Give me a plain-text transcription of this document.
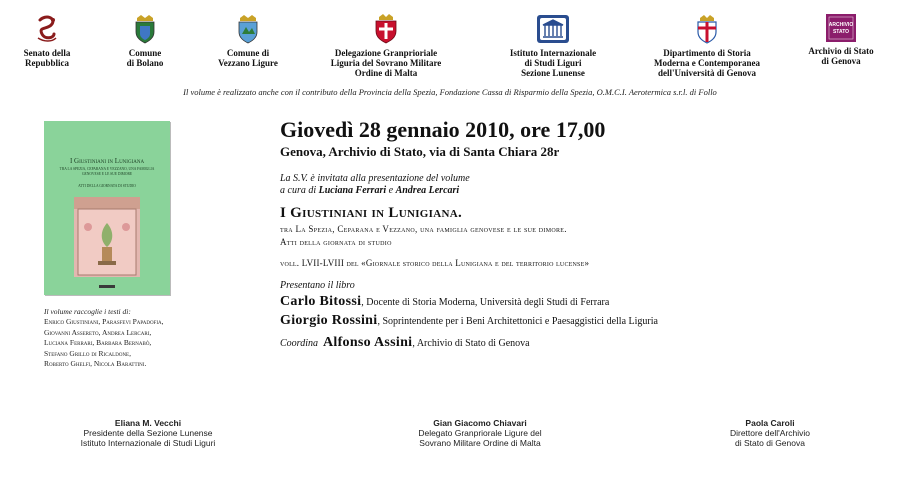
Senato della
Repubblica
Comune
di Bolano
Comune di
Vezzano Ligure
Delegazione Granprioriale
Liguria del Sovrano Militare
Ordine di Malta
Istituto Internazionale
di Studi Liguri
Sezione Lunense
Dipartimento di Storia
Moderna e Contemporanea
dell'Università di Genova
ARCHIVIO
STATO
Archivio di Stato
di Genova
Il volume è realizzato anche con il contributo della Provincia della Spezia, Fondazione Cassa di Risparmio della Spezia, O.M.C.I. Aerotermica s.r.l. di Follo
I Giustiniani in Lunigiana
TRA LA SPEZIA, CEPARANA E VEZZANO, UNA FAMIGLIA GENOVESE E LE SUE DIMORE
ATTI DELLA GIORNATA DI STUDIO
Il volume raccoglie i testi di:
Enrico Giustiniani, Parasfevi Papadofia,
Giovanni Assereto, Andrea Lercari,
Luciana Ferrari, Barbara Bernabò,
Stefano Grillo di Ricaldone,
Roberto Ghelfi, Nicola Barattini.
Giovedì 28 gennaio 2010, ore 17,00
Genova, Archivio di Stato, via di Santa Chiara 28r
La S.V. è invitata alla presentazione del volume
a cura di Luciana Ferrari e Andrea Lercari
I Giustiniani in Lunigiana.
tra La Spezia, Ceparana e Vezzano, una famiglia genovese e le sue dimore.
Atti della giornata di studio
voll. LVII-LVIII del «Giornale storico della Lunigiana e del territorio lucense»
Presentano il libro
Carlo Bitossi, Docente di Storia Moderna, Università degli Studi di Ferrara
Giorgio Rossini, Soprintendente per i Beni Architettonici e Paesaggistici della Liguria
Coordina Alfonso Assini, Archivio di Stato di Genova
Eliana M. Vecchi
Presidente della Sezione Lunense
Istituto Internazionale di Studi Liguri
Gian Giacomo Chiavari
Delegato Granpriorale Ligure del
Sovrano Militare Ordine di Malta
Paola Caroli
Direttore dell'Archivio
di Stato di Genova
